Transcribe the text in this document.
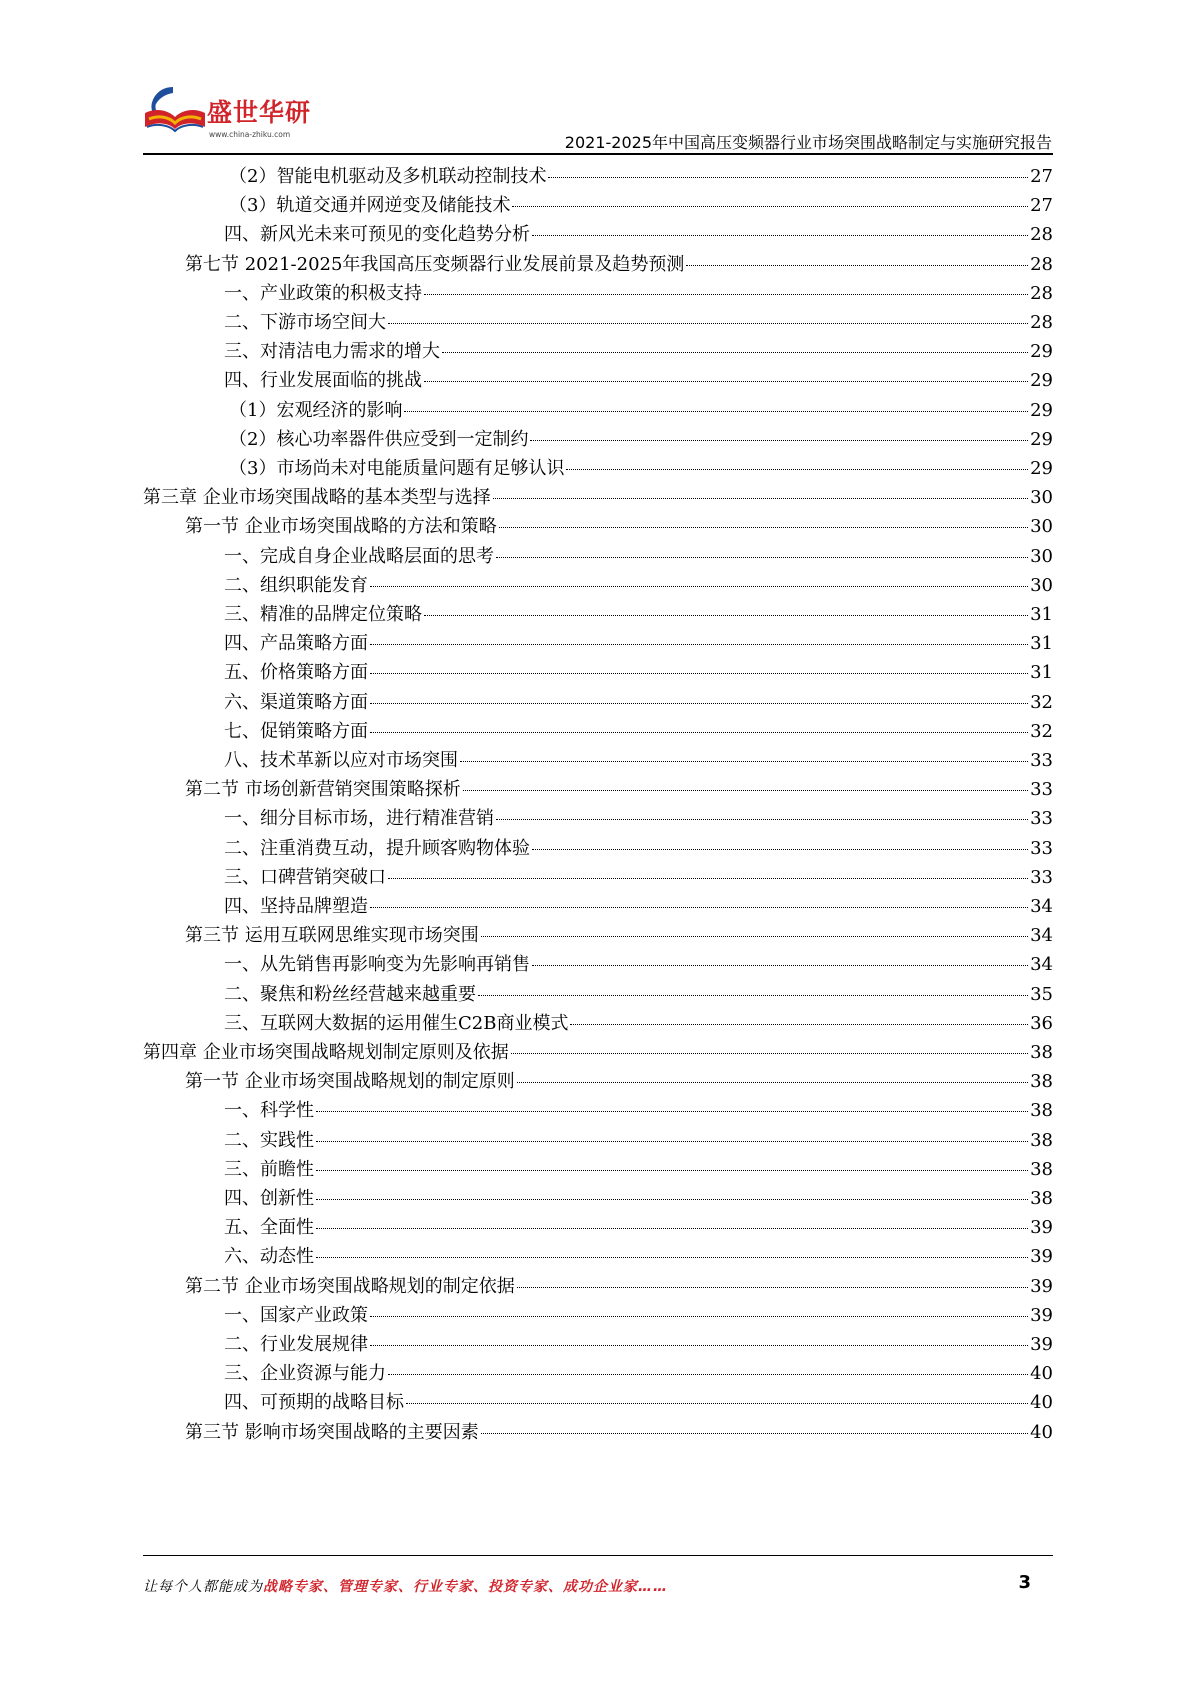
盛世华研
www.china-zhiku.com	2021-2025年中国高压变频器行业市场突围战略制定与实施研究报告
（2）智能电机驱动及多机联动控制技术	27
（3）轨道交通并网逆变及储能技术	27
四、新风光未来可预见的变化趋势分析	28
第七节 2021-2025年我国高压变频器行业发展前景及趋势预测	28
一、产业政策的积极支持	28
二、下游市场空间大	28
三、对清洁电力需求的增大	29
四、行业发展面临的挑战	29
（1）宏观经济的影响	29
（2）核心功率器件供应受到一定制约	29
（3）市场尚未对电能质量问题有足够认识	29
第三章 企业市场突围战略的基本类型与选择	30
第一节 企业市场突围战略的方法和策略	30
一、完成自身企业战略层面的思考	30
二、组织职能发育	30
三、精准的品牌定位策略	31
四、产品策略方面	31
五、价格策略方面	31
六、渠道策略方面	32
七、促销策略方面	32
八、技术革新以应对市场突围	33
第二节 市场创新营销突围策略探析	33
一、细分目标市场，进行精准营销	33
二、注重消费互动，提升顾客购物体验	33
三、口碑营销突破口	33
四、坚持品牌塑造	34
第三节 运用互联网思维实现市场突围	34
一、从先销售再影响变为先影响再销售	34
二、聚焦和粉丝经营越来越重要	35
三、互联网大数据的运用催生C2B商业模式	36
第四章 企业市场突围战略规划制定原则及依据	38
第一节 企业市场突围战略规划的制定原则	38
一、科学性	38
二、实践性	38
三、前瞻性	38
四、创新性	38
五、全面性	39
六、动态性	39
第二节 企业市场突围战略规划的制定依据	39
一、国家产业政策	39
二、行业发展规律	39
三、企业资源与能力	40
四、可预期的战略目标	40
第三节 影响市场突围战略的主要因素	40
让每个人都能成为战略专家、管理专家、行业专家、投资专家、成功企业家……	3
